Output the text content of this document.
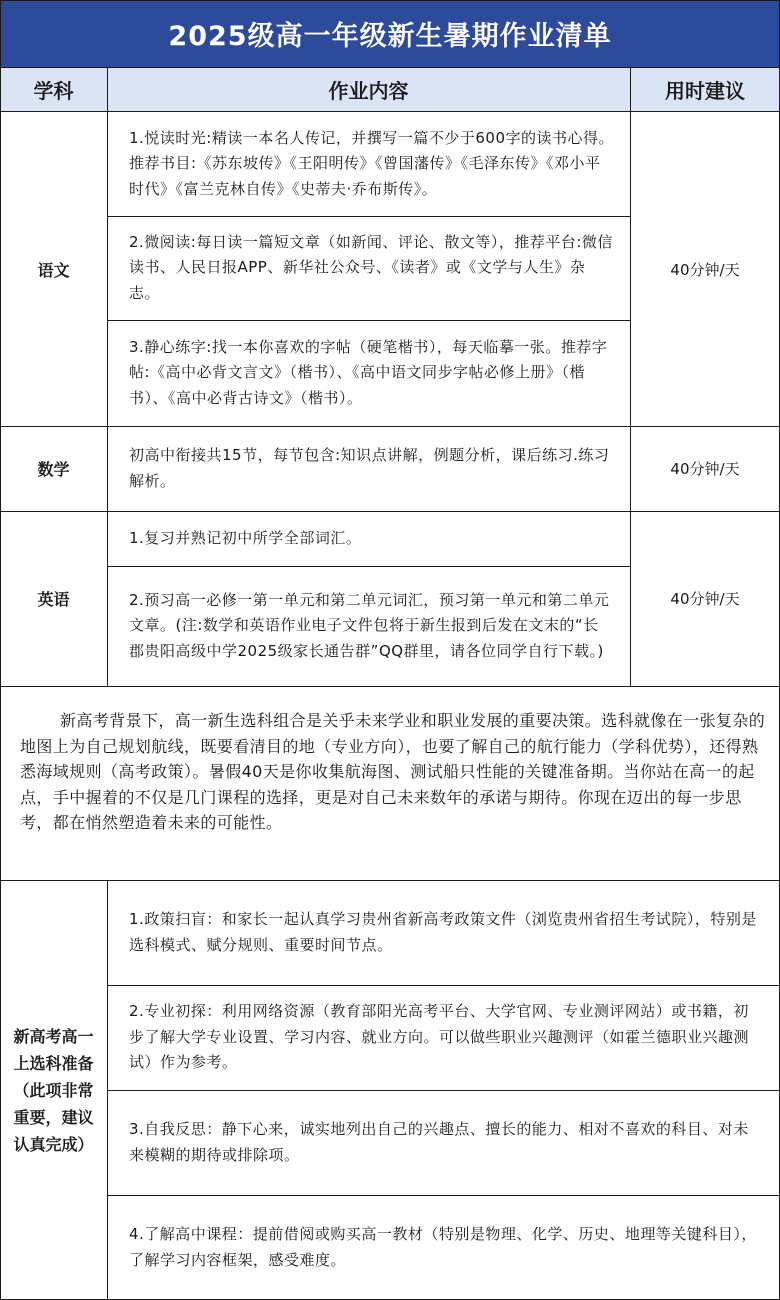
2025级高一年级新生暑期作业清单
学科	作业内容	用时建议
语文
1.悦读时光:精读一本名人传记，并撰写一篇不少于600字的读书心得。推荐书目:《苏东坡传》《王阳明传》《曾国藩传》《毛泽东传》《邓小平时代》《富兰克林自传》《史蒂夫·乔布斯传》。
2.微阅读:每日读一篇短文章（如新闻、评论、散文等），推荐平台:微信读书、人民日报APP、新华社公众号、《读者》或《文学与人生》杂志。
3.静心练字:找一本你喜欢的字帖（硬笔楷书），每天临摹一张。推荐字帖:《高中必背文言文》（楷书）、《高中语文同步字帖必修上册》（楷书）、《高中必背古诗文》（楷书）。
40分钟/天
数学
初高中衔接共15节，每节包含:知识点讲解，例题分析，课后练习.练习解析。
40分钟/天
英语
1.复习并熟记初中所学全部词汇。
2.预习高一必修一第一单元和第二单元词汇，预习第一单元和第二单元文章。(注:数学和英语作业电子文件包将于新生报到后发在文末的“长郡贵阳高级中学2025级家长通告群”QQ群里，请各位同学自行下载。)
40分钟/天
新高考背景下，高一新生选科组合是关乎未来学业和职业发展的重要决策。选科就像在一张复杂的地图上为自己规划航线，既要看清目的地（专业方向），也要了解自己的航行能力（学科优势），还得熟悉海域规则（高考政策）。暑假40天是你收集航海图、测试船只性能的关键准备期。当你站在高一的起点，手中握着的不仅是几门课程的选择，更是对自己未来数年的承诺与期待。你现在迈出的每一步思考，都在悄然塑造着未来的可能性。
新高考高一上选科准备（此项非常重要，建议认真完成）
1.政策扫盲：和家长一起认真学习贵州省新高考政策文件（浏览贵州省招生考试院），特别是选科模式、赋分规则、重要时间节点。
2.专业初探：利用网络资源（教育部阳光高考平台、大学官网、专业测评网站）或书籍，初步了解大学专业设置、学习内容、就业方向。可以做些职业兴趣测评（如霍兰德职业兴趣测试）作为参考。
3.自我反思：静下心来，诚实地列出自己的兴趣点、擅长的能力、相对不喜欢的科目、对未来模糊的期待或排除项。
4.了解高中课程：提前借阅或购买高一教材（特别是物理、化学、历史、地理等关键科目），了解学习内容框架，感受难度。
